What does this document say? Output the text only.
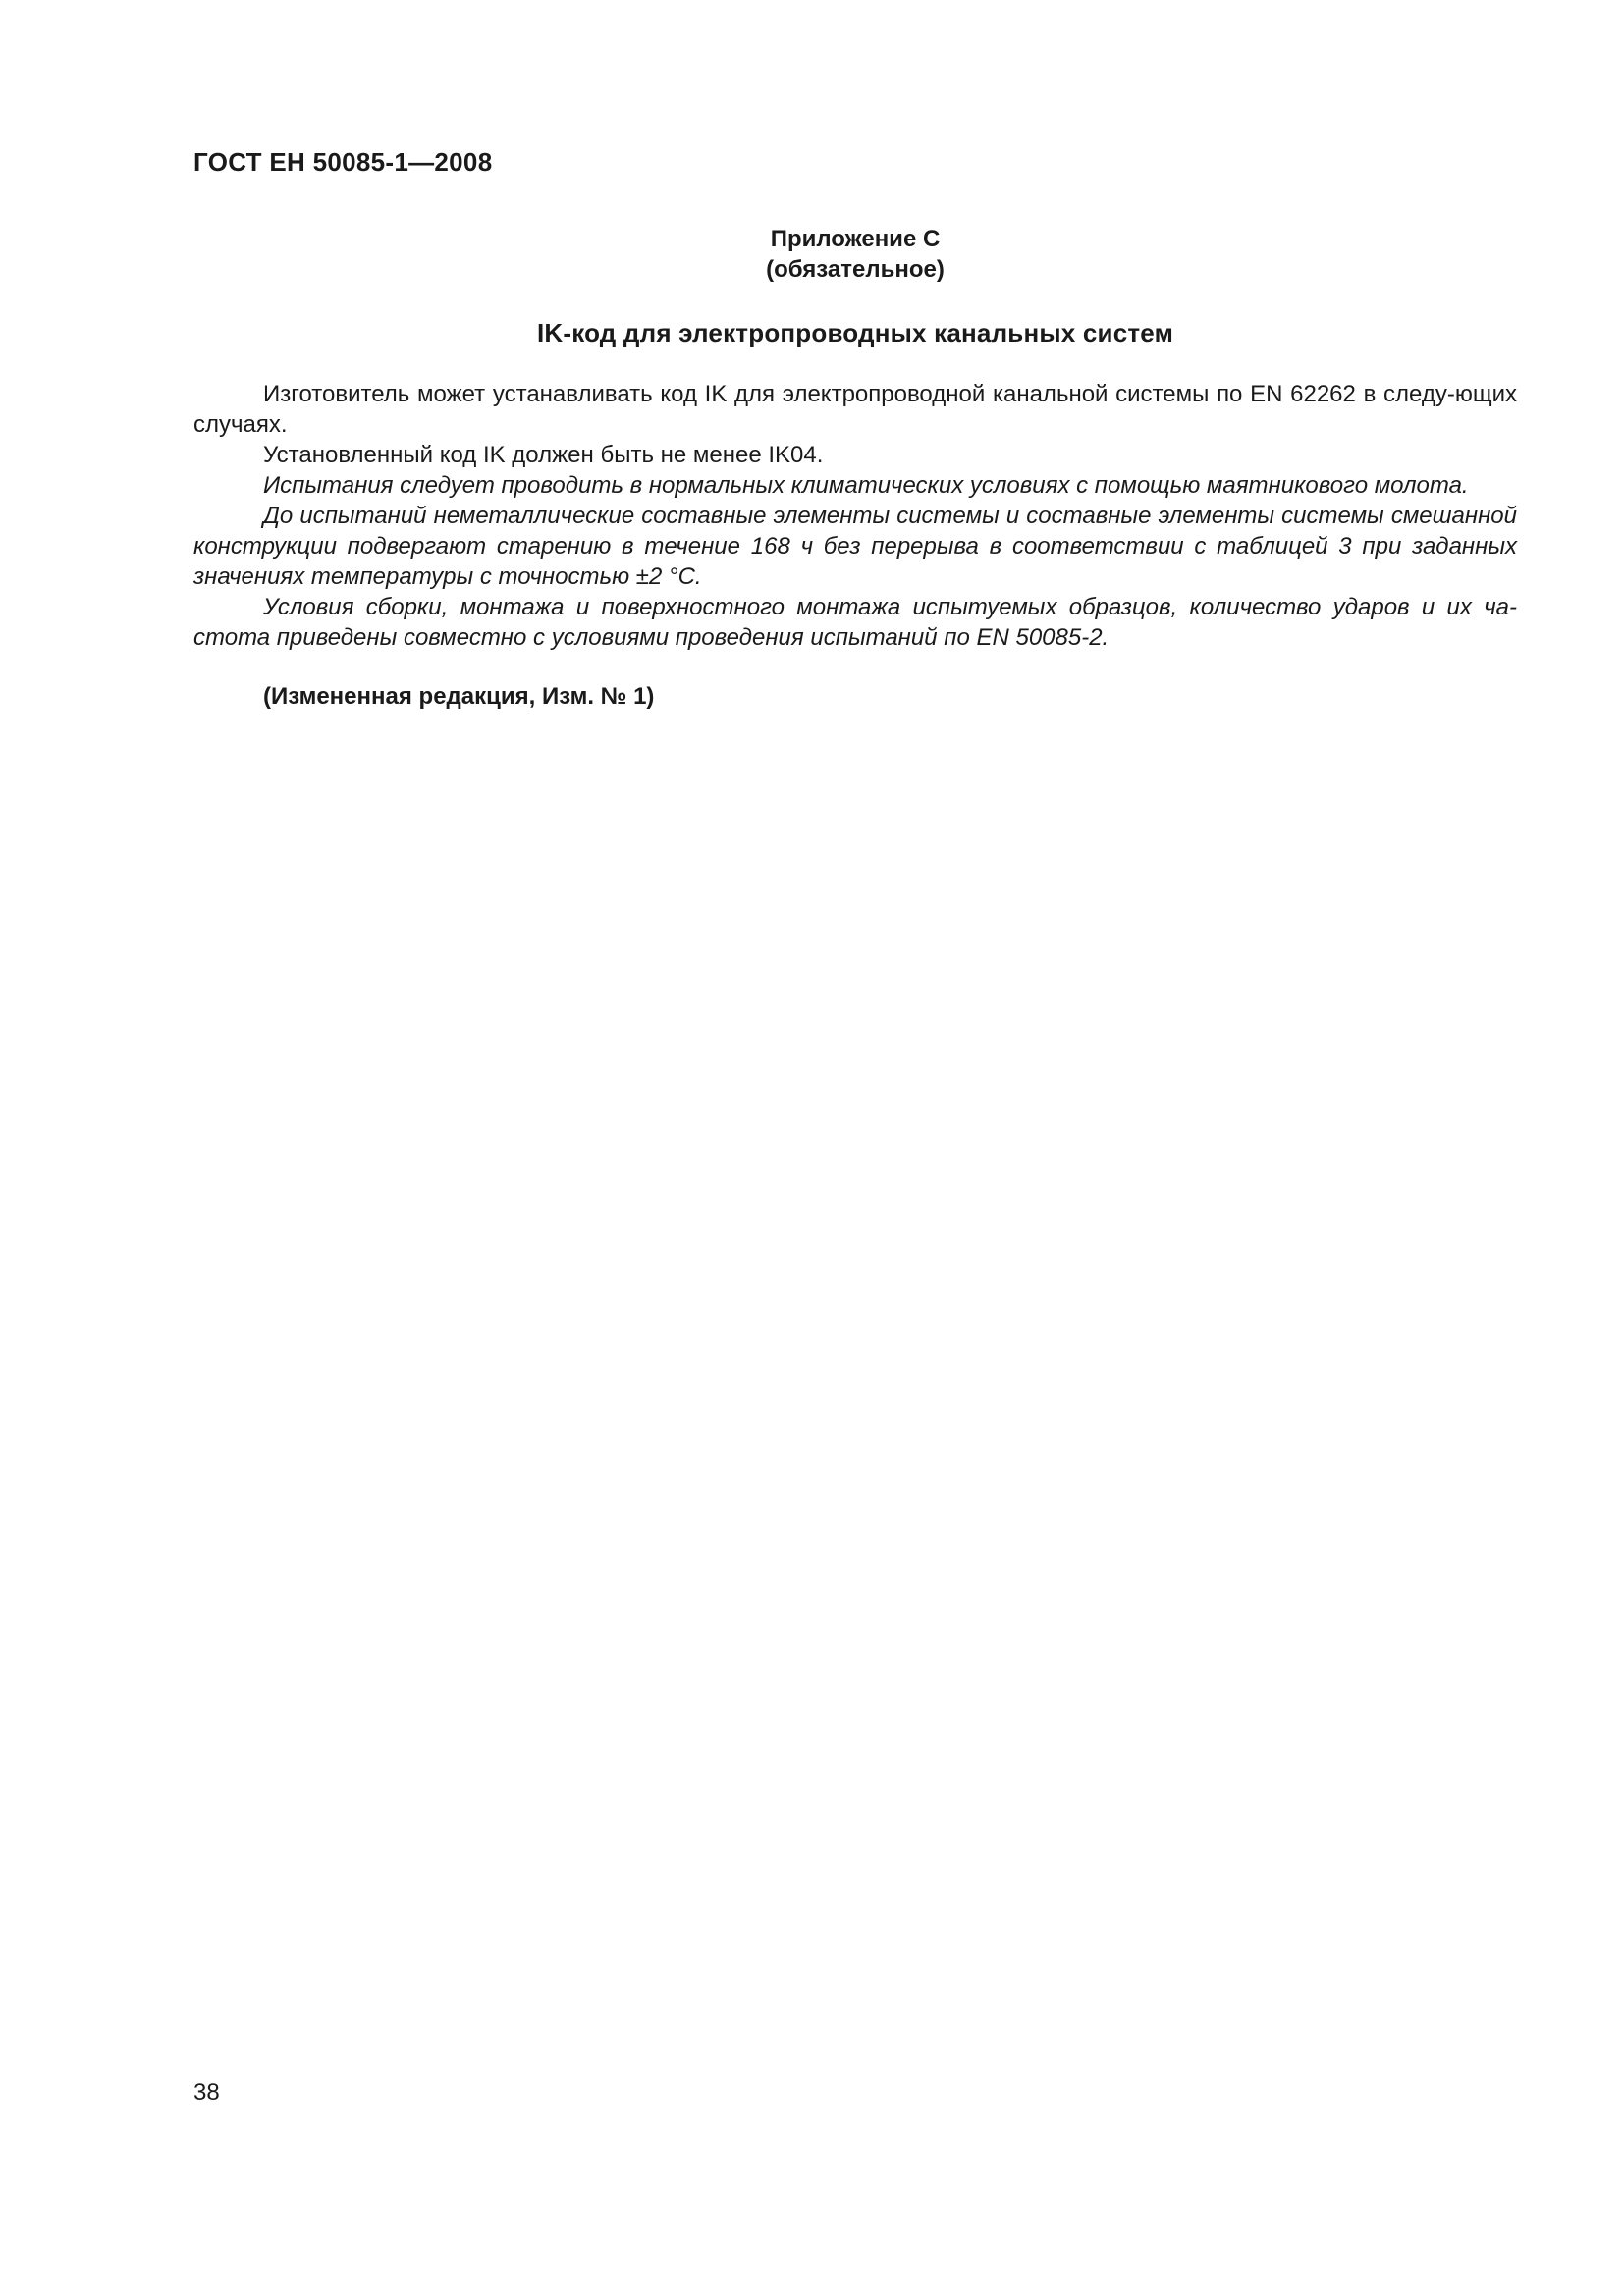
ГОСТ ЕН 50085-1—2008
Приложение С
(обязательное)
IK-код для электропроводных канальных систем

Изготовитель может устанавливать код IK для электропроводной канальной системы по EN 62262 в следу-ющих случаях.

Установленный код IK должен быть не менее IK04.

Испытания следует проводить в нормальных климатических условиях с помощью маятникового молота.

До испытаний неметаллические составные элементы системы и составные элементы системы смешанной конструкции подвергают старению в течение 168 ч без перерыва в соответствии с таблицей 3 при заданных значениях температуры с точностью ±2 °С.

Условия сборки, монтажа и поверхностного монтажа испытуемых образцов, количество ударов и их частота приведены совместно с условиями проведения испытаний по EN 50085-2.

(Измененная редакция, Изм. № 1)
38
